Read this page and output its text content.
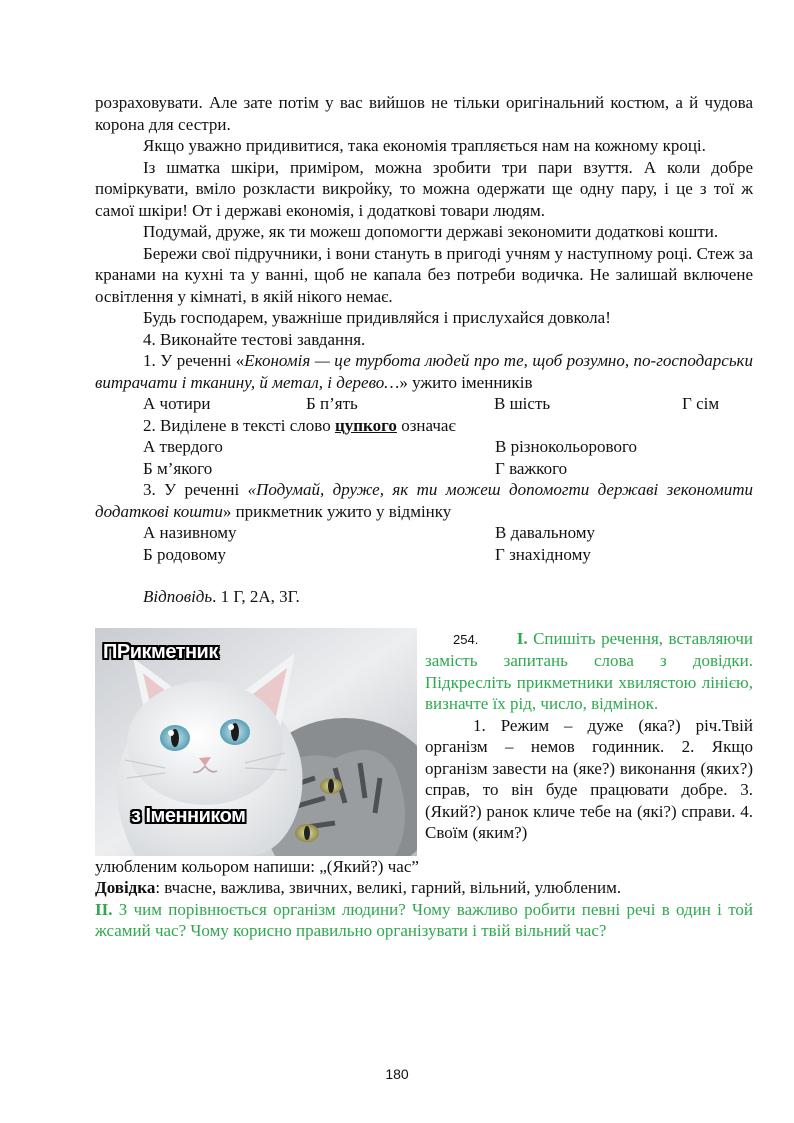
розраховувати. Але зате потім у вас вийшов не тільки оригінальний костюм, а й чудова корона для сестри.

Якщо уважно придивитися, така економія трапляється нам на кожному кроці.

Із шматка шкіри, приміром, можна зробити три пари взуття. А коли добре поміркувати, вміло розкласти викройку, то можна одержати ще одну пару, і це з тої ж самої шкіри! От і державі економія, і додаткові товари людям.

Подумай, друже, як ти можеш допомогти державі зекономити додаткові кошти.

Бережи свої підручники, і вони стануть в пригоді учням у наступному році. Стеж за кранами на кухні та у ванні, щоб не капала без потреби водичка. Не залишай включене освітлення у кімнаті, в якій нікого немає.

Будь господарем, уважніше придивляйся і прислухайся довкола!

4. Виконайте тестові завдання.

1. У реченні «Економія — це турбота людей про те, щоб розумно, по-господарськи витрачати і тканину, й метал, і дерево…» ужито іменників

А чотири	Б п’ять	В шість	Г сім

2. Виділене в тексті слово цупкого означає

А твердого	В різнокольорового
Б м’якого	Г важкого

3. У реченні «Подумай, друже, як ти можеш допомогти державі зекономити додаткові кошти» прикметник ужито у відмінку

А називному	В давальному
Б родовому	Г знахідному

Відповідь. 1 Г, 2А, 3Г.

ПРикметник
з Іменником

254. І. Спишіть речення, вставляючи замість запитань слова з довідки. Підкресліть прикметники хвилястою лінією, визначте їх рід, число, відмінок.

1. Режим – дуже (яка?) річ.Твій організм – немов годинник. 2. Якщо організм завести на (яке?) виконання (яких?) справ, то він буде працювати добре. 3. (Який?) ранок кличе тебе на (які?) справи. 4. Своїм (яким?)

улюбленим кольором напиши: „(Який?) час”

Довідка: вчасне, важлива, звичних, великі, гарний, вільний, улюбленим.

ІІ. З чим порівнюється організм людини? Чому важливо робити певні речі в один і той жсамий час? Чому корисно правильно організувати і твій вільний час?

180
